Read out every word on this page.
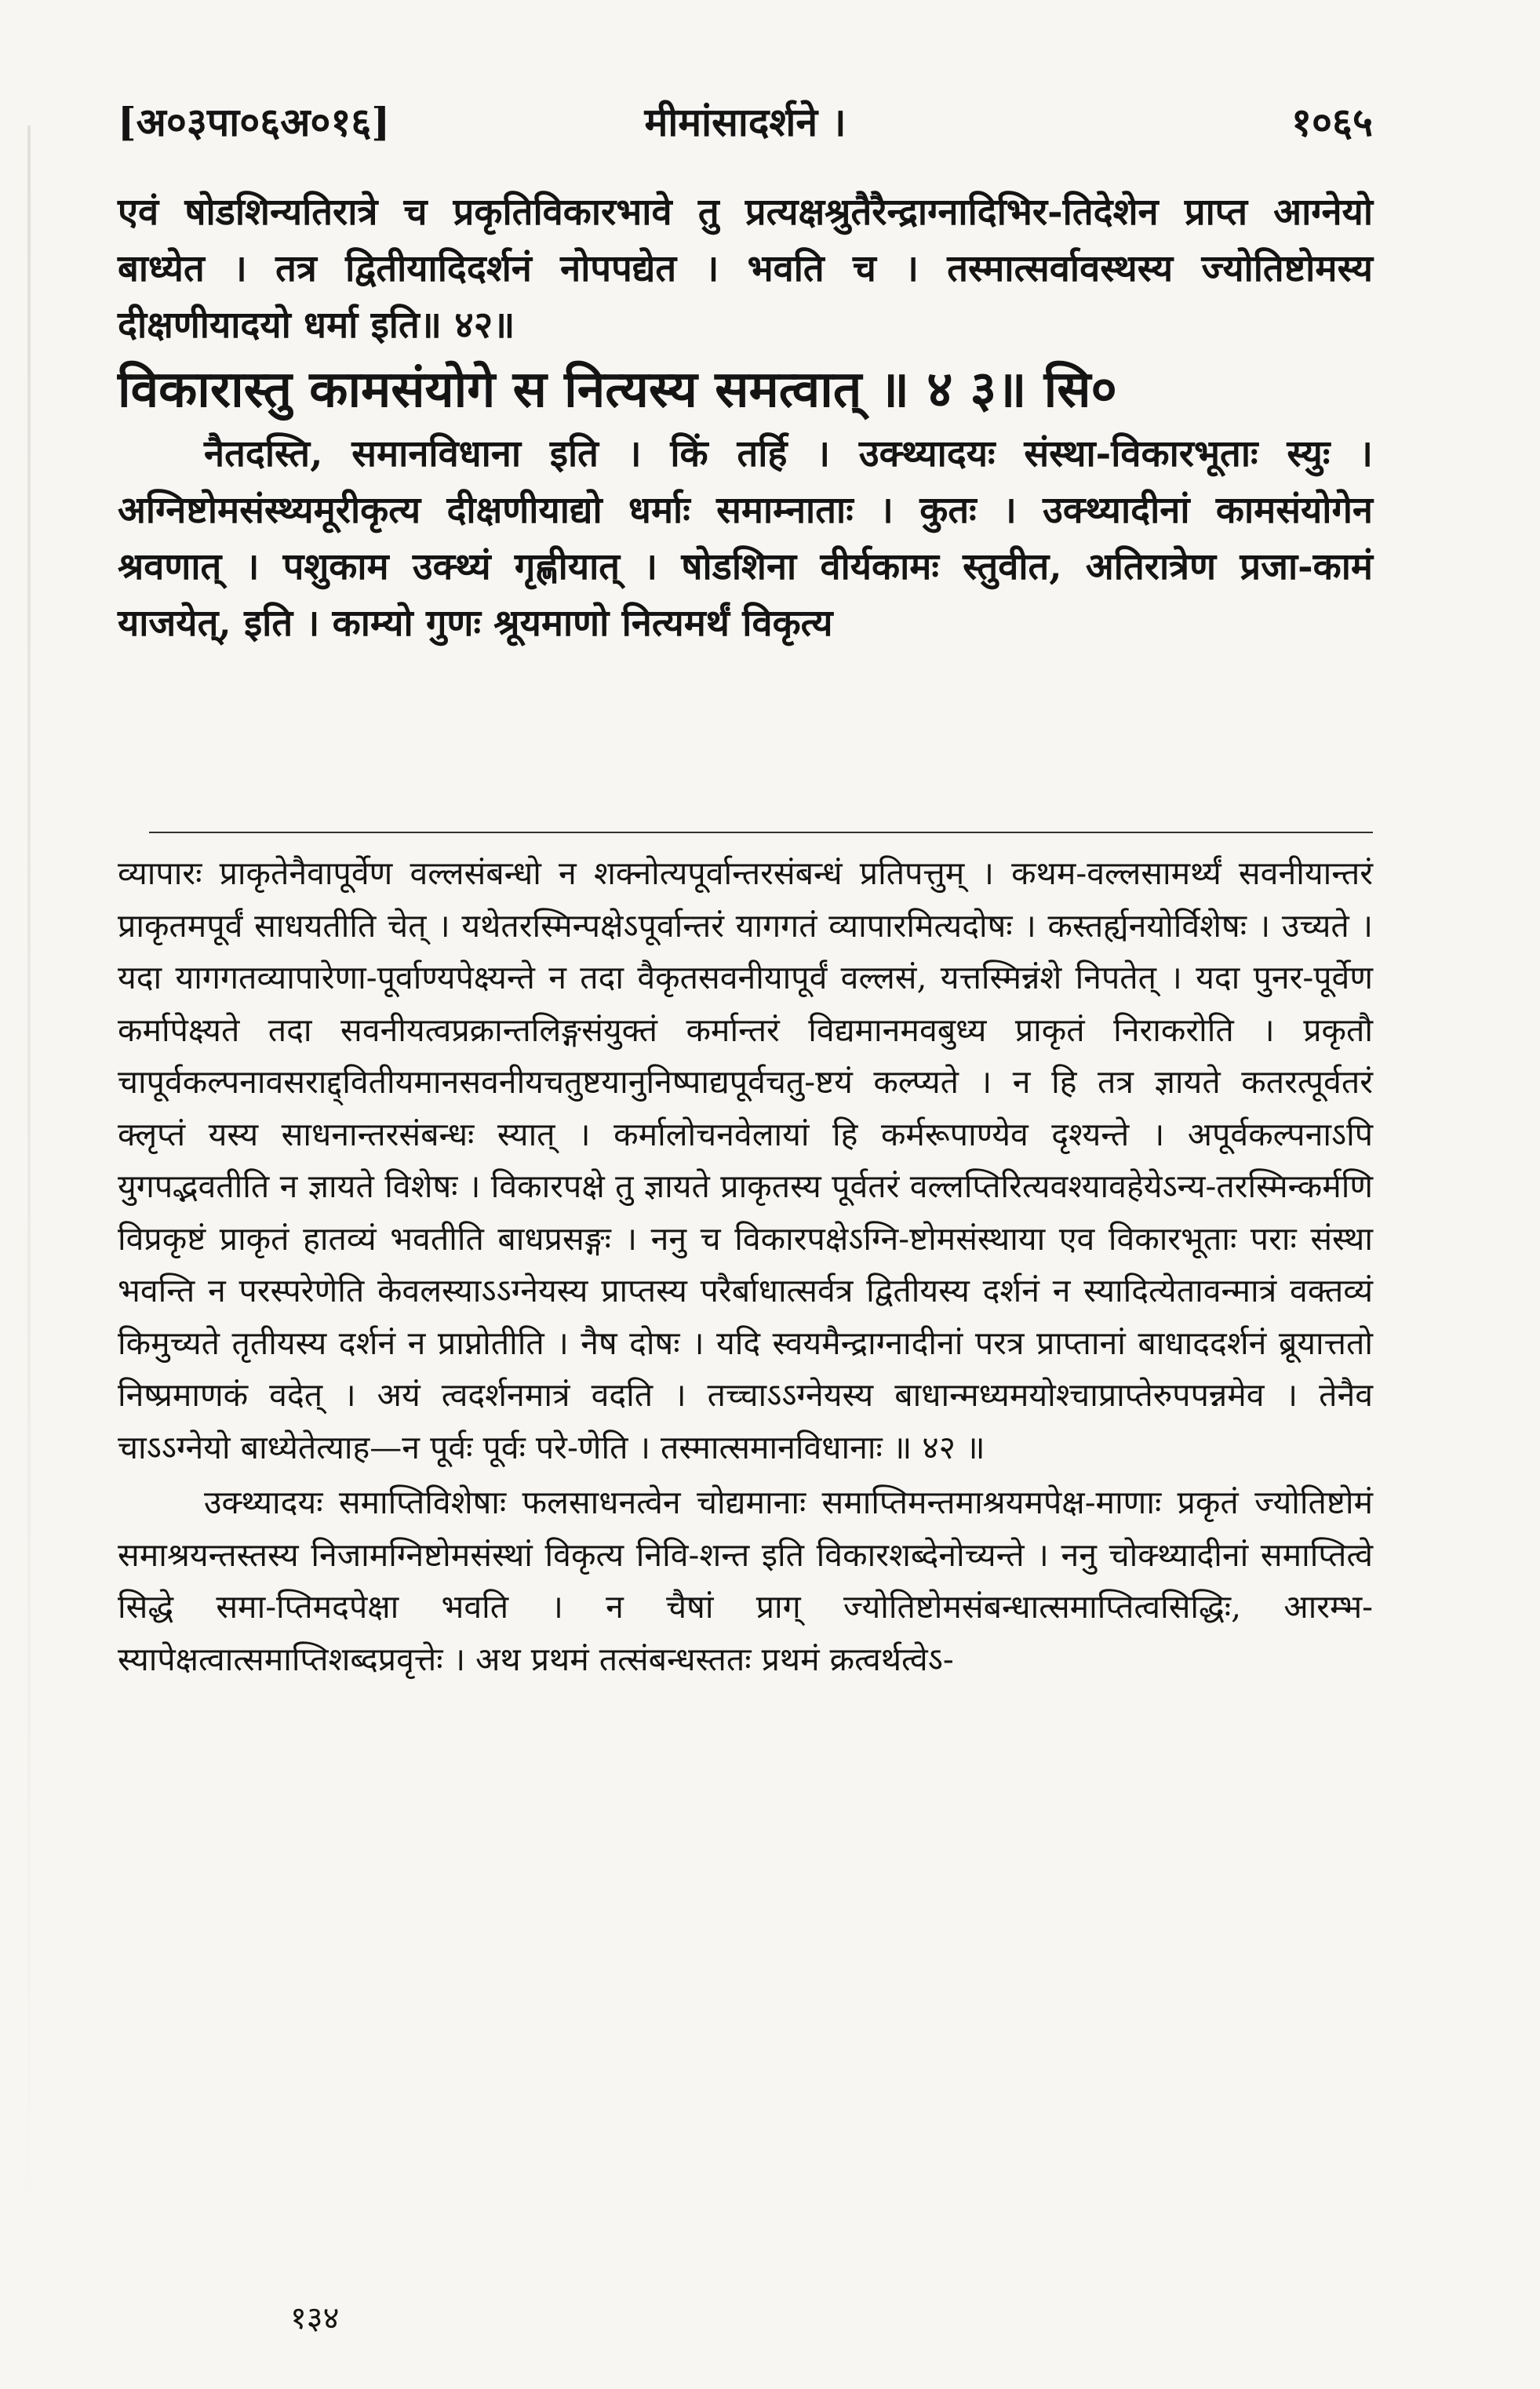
[अ०३पा०६अ०१६]	मीमांसादर्शने ।	१०६५

एवं षोडशिन्यतिरात्रे च प्रकृतिविकारभावे तु प्रत्यक्षश्रुतैरैन्द्राग्नादिभिर-तिदेशेन प्राप्त आग्नेयो बाध्येत । तत्र द्वितीयादिदर्शनं नोपपद्येत । भवति च । तस्मात्सर्वावस्थस्य ज्योतिष्टोमस्य दीक्षणीयादयो धर्मा इति॥ ४२॥

विकारास्तु कामसंयोगे स नित्यस्य समत्वात् ॥ ४ ३॥ सि०

नैतदस्ति, समानविधाना इति । किं तर्हि । उक्थ्यादयः संस्था-विकारभूताः स्युः । अग्निष्टोमसंस्थ्यमूरीकृत्य दीक्षणीयाद्यो धर्माः समाम्नाताः । कुतः । उक्थ्यादीनां कामसंयोगेन श्रवणात् । पशुकाम उक्थ्यं गृह्णीयात् । षोडशिना वीर्यकामः स्तुवीत, अतिरात्रेण प्रजा-कामं याजयेत्, इति । काम्यो गुणः श्रूयमाणो नित्यमर्थं विकृत्य

व्यापारः प्राकृतेनैवापूर्वेण वल्लसंबन्धो न शक्नोत्यपूर्वान्तरसंबन्धं प्रतिपत्तुम् । कथम-वल्लसामर्थ्यं सवनीयान्तरं प्राकृतमपूर्वं साधयतीति चेत् । यथेतरस्मिन्पक्षेऽपूर्वान्तरं यागगतं व्यापारमित्यदोषः । कस्तर्ह्यनयोर्विशेषः । उच्यते । यदा यागगतव्यापारेणा-पूर्वाण्यपेक्ष्यन्ते न तदा वैकृतसवनीयापूर्वं वल्लसं, यत्तस्मिन्नंशे निपतेत् । यदा पुनर-पूर्वेण कर्मापेक्ष्यते तदा सवनीयत्वप्रक्रान्तलिङ्गसंयुक्तं कर्मान्तरं विद्यमानमवबुध्य प्राकृतं निराकरोति । प्रकृतौ चापूर्वकल्पनावसराद्द्वितीयमानसवनीयचतुष्टयानुनिष्पाद्यपूर्वचतु-ष्टयं कल्प्यते । न हि तत्र ज्ञायते कतरत्पूर्वतरं क्लृप्तं यस्य साधनान्तरसंबन्धः स्यात् । कर्मालोचनवेलायां हि कर्मरूपाण्येव दृश्यन्ते । अपूर्वकल्पनाऽपि युगपद्भवतीति न ज्ञायते विशेषः । विकारपक्षे तु ज्ञायते प्राकृतस्य पूर्वतरं वल्लप्तिरित्यवश्यावहेयेऽन्य-तरस्मिन्कर्मणि विप्रकृष्टं प्राकृतं हातव्यं भवतीति बाधप्रसङ्गः । ननु च विकारपक्षेऽग्नि-ष्टोमसंस्थाया एव विकारभूताः पराः संस्था भवन्ति न परस्परेणेति केवलस्याऽऽग्नेयस्य प्राप्तस्य परैर्बाधात्सर्वत्र द्वितीयस्य दर्शनं न स्यादित्येतावन्मात्रं वक्तव्यं किमुच्यते तृतीयस्य दर्शनं न प्राप्नोतीति । नैष दोषः । यदि स्वयमैन्द्राग्नादीनां परत्र प्राप्तानां बाधाददर्शनं ब्रूयात्ततो निष्प्रमाणकं वदेत् । अयं त्वदर्शनमात्रं वदति । तच्चाऽऽग्नेयस्य बाधान्मध्यमयोश्चाप्राप्तेरुपपन्नमेव । तेनैव चाऽऽग्नेयो बाध्येतेत्याह—न पूर्वः पूर्वः परे-णेति । तस्मात्समानविधानाः ॥ ४२ ॥

उक्थ्यादयः समाप्तिविशेषाः फलसाधनत्वेन चोद्यमानाः समाप्तिमन्तमाश्रयमपेक्ष-माणाः प्रकृतं ज्योतिष्टोमं समाश्रयन्तस्तस्य निजामग्निष्टोमसंस्थां विकृत्य निवि-शन्त इति विकारशब्देनोच्यन्ते । ननु चोक्थ्यादीनां समाप्तित्वे सिद्धे समा-प्तिमदपेक्षा भवति । न चैषां प्राग् ज्योतिष्टोमसंबन्धात्समाप्तित्वसिद्धिः, आरम्भ-स्यापेक्षत्वात्समाप्तिशब्दप्रवृत्तेः । अथ प्रथमं तत्संबन्धस्ततः प्रथमं क्रत्वर्थत्वेऽ-

१३४
